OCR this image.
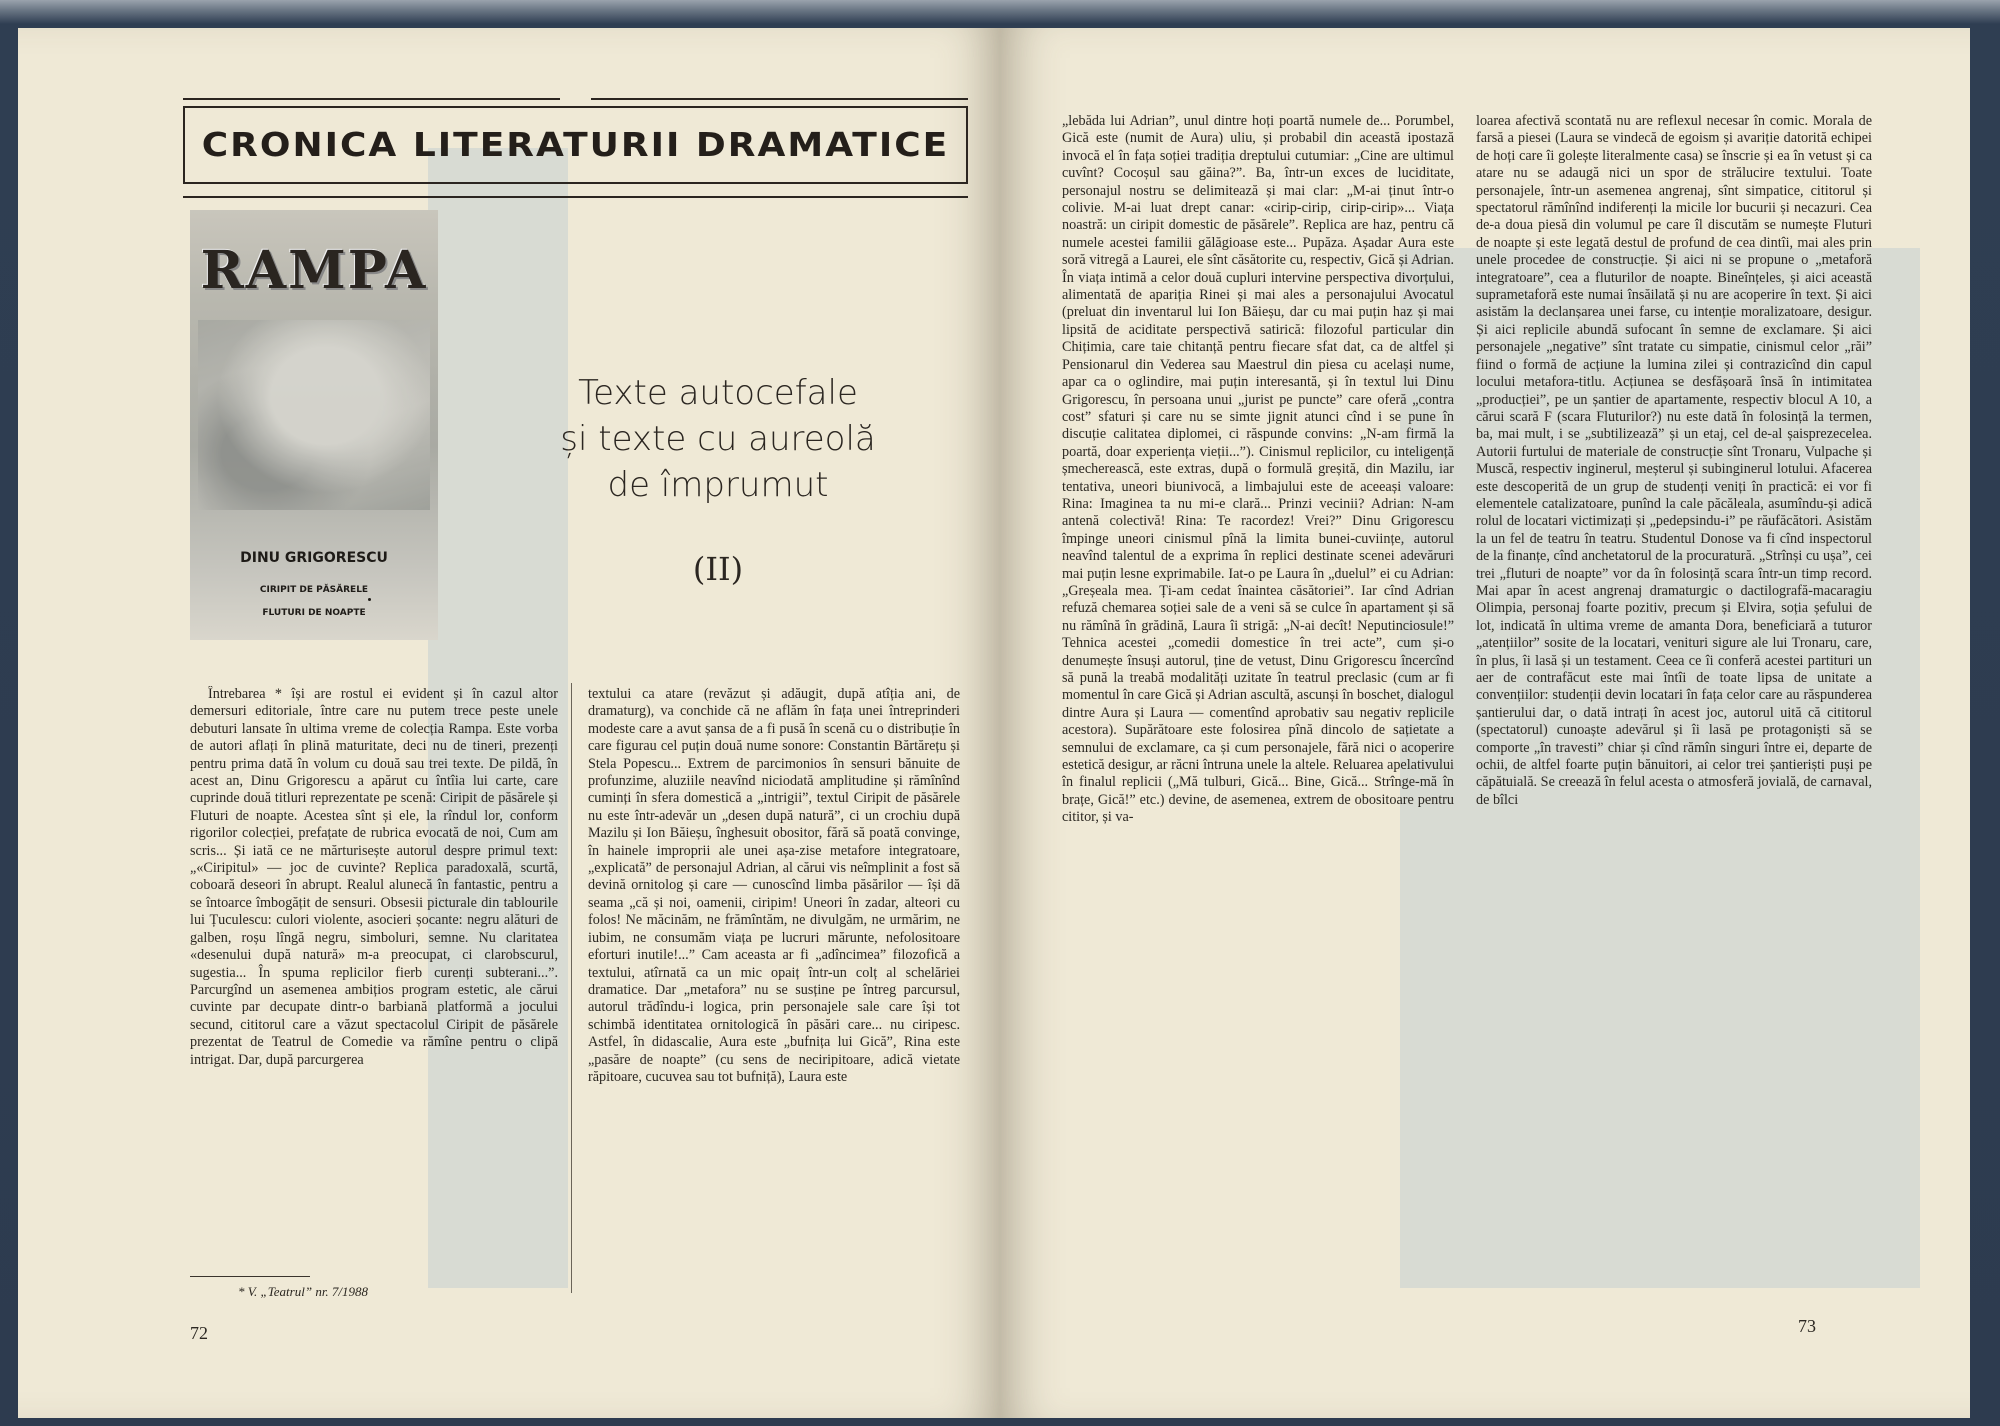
CRONICA LITERATURII DRAMATICE
RAMPA
DINU GRIGORESCU
CIRIPIT DE PĂSĂRELE
FLUTURI DE NOAPTE
Texte autocefale
și texte cu aureolă
de împrumut
(II)

Întrebarea * își are rostul ei evident și în cazul altor demersuri editoriale, între care nu putem trece peste unele debuturi lansate în ultima vreme de colecția Rampa. Este vorba de autori aflați în plină maturitate, deci nu de tineri, prezenți pentru prima dată în volum cu două sau trei texte. De pildă, în acest an, Dinu Grigorescu a apărut cu întîia lui carte, care cuprinde două titluri reprezentate pe scenă: Ciripit de păsărele și Fluturi de noapte. Acestea sînt și ele, la rîndul lor, conform rigorilor colecției, prefațate de rubrica evocată de noi, Cum am scris... Și iată ce ne mărturisește autorul despre primul text: „«Ciripitul» — joc de cuvinte? Replica paradoxală, scurtă, coboară deseori în abrupt. Realul alunecă în fantastic, pentru a se întoarce îmbogățit de sensuri. Obsesii picturale din tablourile lui Țuculescu: culori violente, asocieri șocante: negru alături de galben, roșu lîngă negru, simboluri, semne. Nu claritatea «desenului după natură» m-a preocupat, ci clarobscurul, sugestia... În spuma replicilor fierb curenți subterani...”. Parcurgînd un asemenea ambițios program estetic, ale cărui cuvinte par decupate dintr-o barbiană platformă a jocului secund, cititorul care a văzut spectacolul Ciripit de păsărele prezentat de Teatrul de Comedie va rămîne pentru o clipă intrigat. Dar, după parcurgerea

textului ca atare (revăzut și adăugit, după atîția ani, de dramaturg), va conchide că ne aflăm în fața unei întreprinderi modeste care a avut șansa de a fi pusă în scenă cu o distribuție în care figurau cel puțin două nume sonore: Constantin Bărtărețu și Stela Popescu... Extrem de parcimonios în sensuri bănuite de profunzime, aluziile neavînd niciodată amplitudine și rămînînd cuminți în sfera domestică a „intrigii”, textul Ciripit de păsărele nu este într-adevăr un „desen după natură”, ci un crochiu după Mazilu și Ion Băieșu, înghesuit obositor, fără să poată convinge, în hainele improprii ale unei așa-zise metafore integratoare, „explicată” de personajul Adrian, al cărui vis neîmplinit a fost să devină ornitolog și care — cunoscînd limba păsărilor — își dă seama „că și noi, oamenii, ciripim! Uneori în zadar, alteori cu folos! Ne măcinăm, ne frămîntăm, ne divulgăm, ne urmărim, ne iubim, ne consumăm viața pe lucruri mărunte, nefolositoare eforturi inutile!...” Cam aceasta ar fi „adîncimea” filozofică a textului, atîrnată ca un mic opaiț într-un colț al schelăriei dramatice. Dar „metafora” nu se susține pe întreg parcursul, autorul trădîndu-i logica, prin personajele sale care își tot schimbă identitatea ornitologică în păsări care... nu ciripesc. Astfel, în didascalie, Aura este „bufnița lui Gică”, Rina este „pasăre de noapte” (cu sens de neciripitoare, adică vietate răpitoare, cucuvea sau tot bufniță), Laura este

* V. „Teatrul” nr. 7/1988
72

„lebăda lui Adrian”, unul dintre hoți poartă numele de... Porumbel, Gică este (numit de Aura) uliu, și probabil din această ipostază invocă el în fața soției tradiția dreptului cutumiar: „Cine are ultimul cuvînt? Cocoșul sau găina?”. Ba, într-un exces de luciditate, personajul nostru se delimitează și mai clar: „M-ai ținut într-o colivie. M-ai luat drept canar: «cirip-cirip, cirip-cirip»... Viața noastră: un ciripit domestic de păsărele”. Replica are haz, pentru că numele acestei familii gălăgioase este... Pupăza. Așadar Aura este soră vitregă a Laurei, ele sînt căsătorite cu, respectiv, Gică și Adrian. În viața intimă a celor două cupluri intervine perspectiva divorțului, alimentată de apariția Rinei și mai ales a personajului Avocatul (preluat din inventarul lui Ion Băieșu, dar cu mai puțin haz și mai lipsită de aciditate perspectivă satirică: filozoful particular din Chițimia, care taie chitanță pentru fiecare sfat dat, ca de altfel și Pensionarul din Vederea sau Maestrul din piesa cu același nume, apar ca o oglindire, mai puțin interesantă, și în textul lui Dinu Grigorescu, în persoana unui „jurist pe puncte” care oferă „contra cost” sfaturi și care nu se simte jignit atunci cînd i se pune în discuție calitatea diplomei, ci răspunde convins: „N-am firmă la poartă, doar experiența vieții...”). Cinismul replicilor, cu inteligență șmecherească, este extras, după o formulă greșită, din Mazilu, iar tentativa, uneori biunivocă, a limbajului este de aceeași valoare: Rina: Imaginea ta nu mi-e clară... Prinzi vecinii? Adrian: N-am antenă colectivă! Rina: Te racordez! Vrei?” Dinu Grigorescu împinge uneori cinismul pînă la limita bunei-cuviințe, autorul neavînd talentul de a exprima în replici destinate scenei adevăruri mai puțin lesne exprimabile. Iat-o pe Laura în „duelul” ei cu Adrian: „Greșeala mea. Ți-am cedat înaintea căsătoriei”. Iar cînd Adrian refuză chemarea soției sale de a veni să se culce în apartament și să nu rămînă în grădină, Laura îi strigă: „N-ai decît! Neputinciosule!” Tehnica acestei „comedii domestice în trei acte”, cum și-o denumește însuși autorul, ține de vetust, Dinu Grigorescu încercînd să pună la treabă modalități uzitate în teatrul preclasic (cum ar fi momentul în care Gică și Adrian ascultă, ascunși în boschet, dialogul dintre Aura și Laura — comentînd aprobativ sau negativ replicile acestora). Supărătoare este folosirea pînă dincolo de sațietate a semnului de exclamare, ca și cum personajele, fără nici o acoperire estetică desigur, ar răcni întruna unele la altele. Reluarea apelativului în finalul replicii („Mă tulburi, Gică... Bine, Gică... Strînge-mă în brațe, Gică!” etc.) devine, de asemenea, extrem de obositoare pentru cititor, și va-

loarea afectivă scontată nu are reflexul necesar în comic. Morala de farsă a piesei (Laura se vindecă de egoism și avariție datorită echipei de hoți care îi golește literalmente casa) se înscrie și ea în vetust și ca atare nu se adaugă nici un spor de strălucire textului. Toate personajele, într-un asemenea angrenaj, sînt simpatice, cititorul și spectatorul rămînînd indiferenți la micile lor bucurii și necazuri. Cea de-a doua piesă din volumul pe care îl discutăm se numește Fluturi de noapte și este legată destul de profund de cea dintîi, mai ales prin unele procedee de construcție. Și aici ni se propune o „metaforă integratoare”, cea a fluturilor de noapte. Bineînțeles, și aici această suprametaforă este numai însăilată și nu are acoperire în text. Și aici asistăm la declanșarea unei farse, cu intenție moralizatoare, desigur. Și aici replicile abundă sufocant în semne de exclamare. Și aici personajele „negative” sînt tratate cu simpatie, cinismul celor „răi” fiind o formă de acțiune la lumina zilei și contrazicînd din capul locului metafora-titlu. Acțiunea se desfășoară însă în intimitatea „producției”, pe un șantier de apartamente, respectiv blocul A 10, a cărui scară F (scara Fluturilor?) nu este dată în folosință la termen, ba, mai mult, i se „subtilizează” și un etaj, cel de-al șaisprezecelea. Autorii furtului de materiale de construcție sînt Tronaru, Vulpache și Muscă, respectiv inginerul, meșterul și subinginerul lotului. Afacerea este descoperită de un grup de studenți veniți în practică: ei vor fi elementele catalizatoare, punînd la cale păcăleala, asumîndu-și adică rolul de locatari victimizați și „pedepsindu-i” pe răufăcători. Asistăm la un fel de teatru în teatru. Studentul Donose va fi cînd inspectorul de la finanțe, cînd anchetatorul de la procuratură. „Strînși cu ușa”, cei trei „fluturi de noapte” vor da în folosință scara într-un timp record. Mai apar în acest angrenaj dramaturgic o dactilografă-macaragiu Olimpia, personaj foarte pozitiv, precum și Elvira, soția șefului de lot, indicată în ultima vreme de amanta Dora, beneficiară a tuturor „atențiilor” sosite de la locatari, venituri sigure ale lui Tronaru, care, în plus, îi lasă și un testament. Ceea ce îi conferă acestei partituri un aer de contrafăcut este mai întîi de toate lipsa de unitate a convențiilor: studenții devin locatari în fața celor care au răspunderea șantierului dar, o dată intrați în acest joc, autorul uită că cititorul (spectatorul) cunoaște adevărul și îi lasă pe protagoniști să se comporte „în travesti” chiar și cînd rămîn singuri între ei, departe de ochii, de altfel foarte puțin bănuitori, ai celor trei șantieriști puși pe căpătuială. Se creează în felul acesta o atmosferă jovială, de carnaval, de bîlci

73
